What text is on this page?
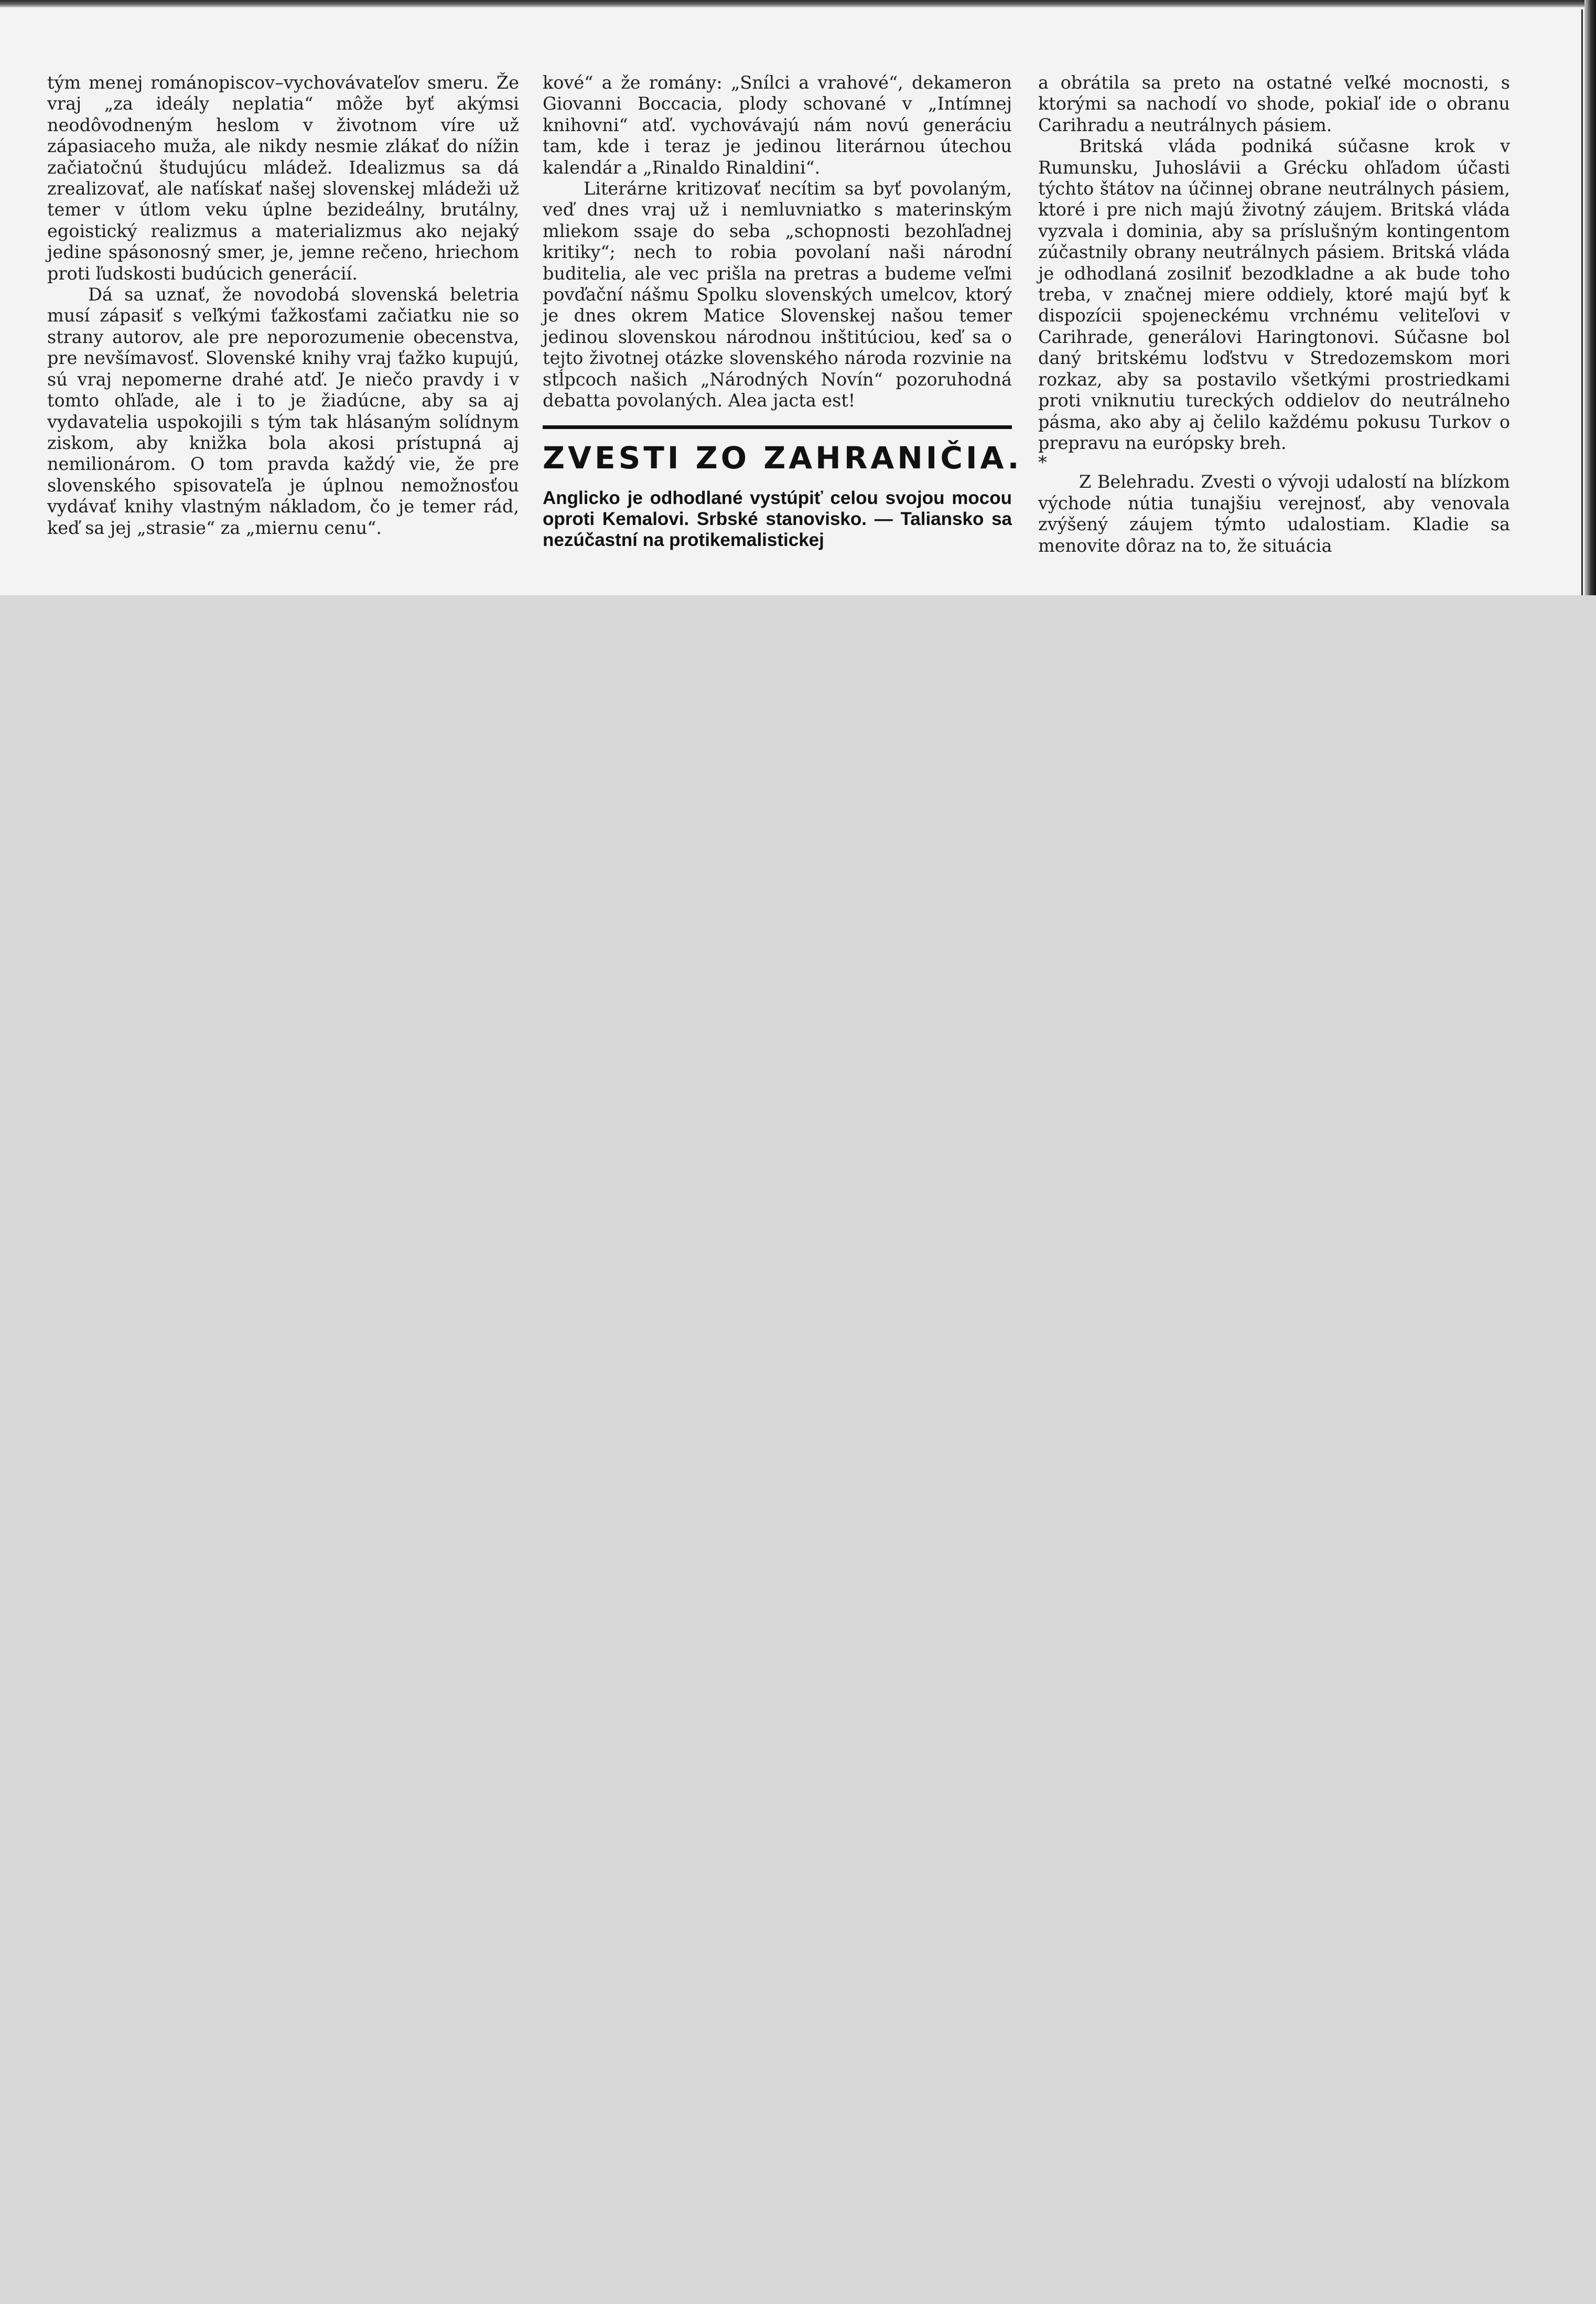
tým menej románopiscov–vychovávateľov smeru. Že vraj „za ideály neplatia“ môže byť akýmsi neodôvodneným heslom v životnom víre už zápasiaceho muža, ale nikdy nesmie zlákať do nížin začiatočnú študujúcu mládež. Idealizmus sa dá zrealizovať, ale naťískať našej slovenskej mládeži už temer v útlom veku úplne bezideálny, brutálny, egoistický realizmus a materializmus ako nejaký jedine spásonosný smer, je, jemne rečeno, hriechom proti ľudskosti budúcich generácií.

Dá sa uznať, že novodobá slovenská beletria musí zápasiť s veľkými ťažkosťami začiatku nie so strany autorov, ale pre neporozumenie obecenstva, pre nevšímavosť. Slovenské knihy vraj ťažko kupujú, sú vraj nepomerne drahé atď. Je niečo pravdy i v tomto ohľade, ale i to je žiadúcne, aby sa aj vydavatelia uspokojili s tým tak hlásaným solídnym ziskom, aby knižka bola akosi prístupná aj nemilionárom. O tom pravda každý vie, že pre slovenského spisovateľa je úplnou nemožnosťou vydávať knihy vlastným nákladom, čo je temer rád, keď sa jej „strasie“ za „miernu cenu“.

kové“ a že romány: „Snílci a vrahové“, dekameron Giovanni Boccacia, plody schované v „Intímnej knihovni“ atď. vychovávajú nám novú generáciu tam, kde i teraz je jedinou literárnou útechou kalendár a „Rinaldo Rinaldini“.

Literárne kritizovať necítim sa byť povolaným, veď dnes vraj už i nemluvniatko s materinským mliekom ssaje do seba „schopnosti bezohľadnej kritiky“; nech to robia povolaní naši národní buditelia, ale vec prišla na pretras a budeme veľmi povďační nášmu Spolku slovenských umelcov, ktorý je dnes okrem Matice Slovenskej našou temer jedinou slovenskou národnou inštitúciou, keď sa o tejto životnej otázke slovenského národa rozvinie na stĺpcoch našich „Národných Novín“ pozoruhodná debatta povolaných. Alea jacta est!

ZVESTI ZO ZAHRANIČIA.

Anglicko je odhodlané vystúpiť celou svojou mocou oproti Kemalovi. Srbské stanovisko. — Taliansko sa nezúčastní na protikemalistickej

a obrátila sa preto na ostatné veľké mocnosti, s ktorými sa nachodí vo shode, pokiaľ ide o obranu Carihradu a neutrálnych pásiem.

Britská vláda podniká súčasne krok v Rumunsku, Juhoslávii a Grécku ohľadom účasti týchto štátov na účinnej obrane neutrálnych pásiem, ktoré i pre nich majú životný záujem. Britská vláda vyzvala i dominia, aby sa príslušným kontingentom zúčastnily obrany neutrálnych pásiem. Britská vláda je odhodlaná zosilniť bezodkladne a ak bude toho treba, v značnej miere oddiely, ktoré majú byť k dispozícii spojeneckému vrchnému veliteľovi v Carihrade, generálovi Haringtonovi. Súčasne bol daný britskému loďstvu v Stredozemskom mori rozkaz, aby sa postavilo všetkými prostriedkami proti vniknutiu tureckých oddielov do neutrálneho pásma, ako aby aj čelilo každému pokusu Turkov o prepravu na európsky breh.

*

Z Belehradu. Zvesti o vývoji udalostí na blízkom východe nútia tunajšiu verejnosť, aby venovala zvýšený záujem týmto udalostiam. Kladie sa menovite dôraz na to, že situácia
